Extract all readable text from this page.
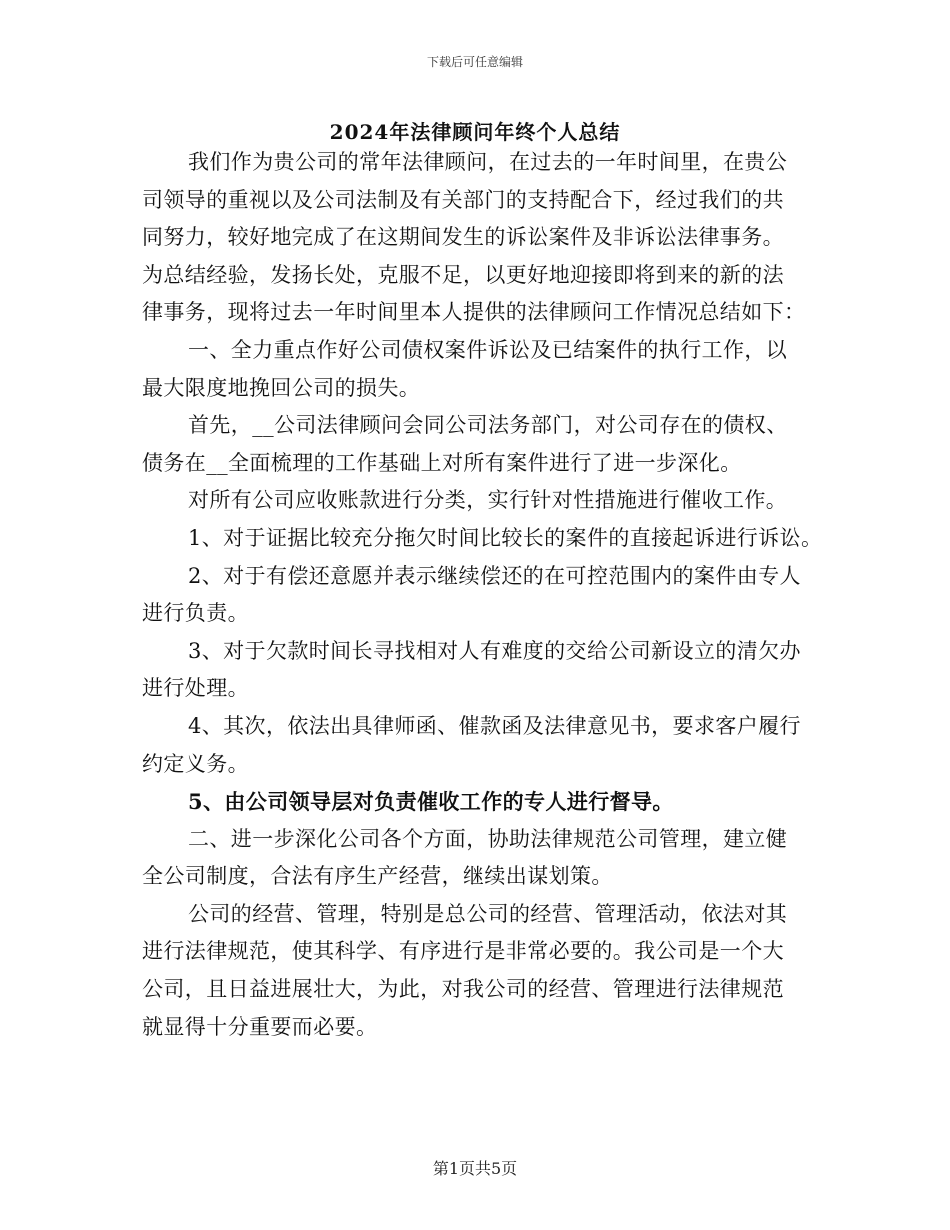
下载后可任意编辑
2024年法律顾问年终个人总结
我们作为贵公司的常年法律顾问，在过去的一年时间里，在贵公
司领导的重视以及公司法制及有关部门的支持配合下，经过我们的共
同努力，较好地完成了在这期间发生的诉讼案件及非诉讼法律事务。
为总结经验，发扬长处，克服不足，以更好地迎接即将到来的新的法
律事务，现将过去一年时间里本人提供的法律顾问工作情况总结如下：
一、全力重点作好公司债权案件诉讼及已结案件的执行工作，以
最大限度地挽回公司的损失。
首先，__公司法律顾问会同公司法务部门，对公司存在的债权、
债务在__全面梳理的工作基础上对所有案件进行了进一步深化。
对所有公司应收账款进行分类，实行针对性措施进行催收工作。
1、对于证据比较充分拖欠时间比较长的案件的直接起诉进行诉讼。
2、对于有偿还意愿并表示继续偿还的在可控范围内的案件由专人
进行负责。
3、对于欠款时间长寻找相对人有难度的交给公司新设立的清欠办
进行处理。
4、其次，依法出具律师函、催款函及法律意见书，要求客户履行
约定义务。
5、由公司领导层对负责催收工作的专人进行督导。
二、进一步深化公司各个方面，协助法律规范公司管理，建立健
全公司制度，合法有序生产经营，继续出谋划策。
公司的经营、管理，特别是总公司的经营、管理活动，依法对其
进行法律规范，使其科学、有序进行是非常必要的。我公司是一个大
公司，且日益进展壮大，为此，对我公司的经营、管理进行法律规范
就显得十分重要而必要。
第1页共5页
